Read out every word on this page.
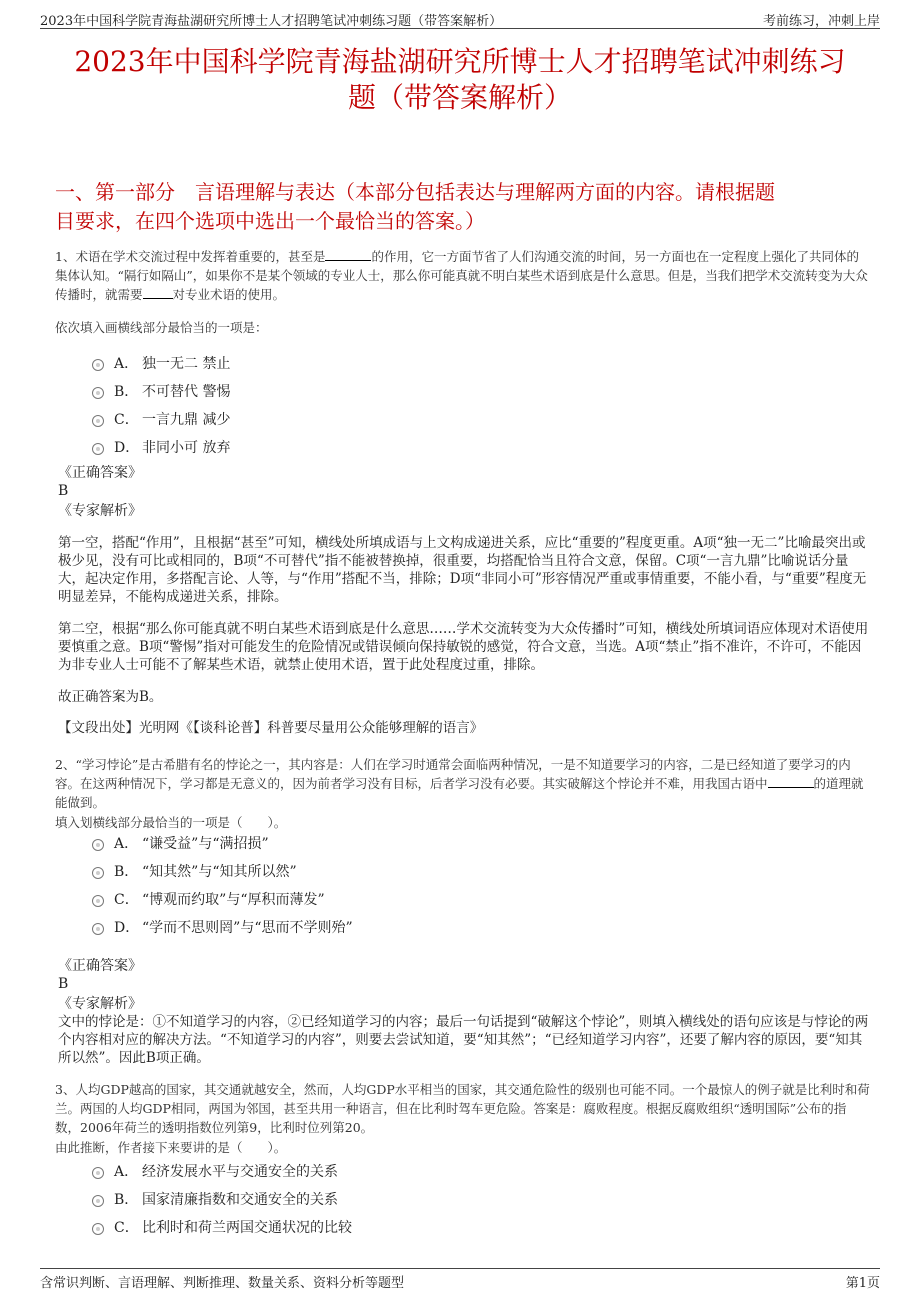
2023年中国科学院青海盐湖研究所博士人才招聘笔试冲刺练习题（带答案解析）	考前练习，冲刺上岸
2023年中国科学院青海盐湖研究所博士人才招聘笔试冲刺练习
题（带答案解析）
一、第一部分　言语理解与表达（本部分包括表达与理解两方面的内容。请根据题
目要求，在四个选项中选出一个最恰当的答案。）
1、术语在学术交流过程中发挥着重要的，甚至是	的作用，它一方面节省了人们沟通交流的时间，另一方面也在一定程度上强化了共同体的集体认知。“隔行如隔山”，如果你不是某个领域的专业人士，那么你可能真就不明白某些术语到底是什么意思。但是，当我们把学术交流转变为大众传播时，就需要 对专业术语的使用。
依次填入画横线部分最恰当的一项是：
A． 独一无二 禁止
B． 不可替代 警惕
C． 一言九鼎 减少
D． 非同小可 放弃
《正确答案》
B
《专家解析》
第一空，搭配“作用”，且根据“甚至”可知，横线处所填成语与上文构成递进关系，应比“重要的”程度更重。A项“独一无二”比喻最突出或极少见，没有可比或相同的，B项“不可替代”指不能被替换掉，很重要，均搭配恰当且符合文意，保留。C项“一言九鼎”比喻说话分量大，起决定作用，多搭配言论、人等，与“作用”搭配不当，排除；D项“非同小可”形容情况严重或事情重要，不能小看，与“重要”程度无明显差异，不能构成递进关系，排除。
第二空，根据“那么你可能真就不明白某些术语到底是什么意思……学术交流转变为大众传播时”可知，横线处所填词语应体现对术语使用要慎重之意。B项“警惕”指对可能发生的危险情况或错误倾向保持敏锐的感觉，符合文意，当选。A项“禁止”指不准许，不许可，不能因为非专业人士可能不了解某些术语，就禁止使用术语，置于此处程度过重，排除。
故正确答案为B。
【文段出处】光明网《【谈科论普】科普要尽量用公众能够理解的语言》
2、“学习悖论”是古希腊有名的悖论之一，其内容是：人们在学习时通常会面临两种情况，一是不知道要学习的内容，二是已经知道了要学习的内容。在这两种情况下，学习都是无意义的，因为前者学习没有目标，后者学习没有必要。其实破解这个悖论并不难，用我国古语中	的道理就能做到。
填入划横线部分最恰当的一项是（　　）。
A． “谦受益”与“满招损”
B． “知其然”与“知其所以然”
C． “博观而约取”与“厚积而薄发”
D． “学而不思则罔”与“思而不学则殆”
《正确答案》
B
《专家解析》
文中的悖论是：①不知道学习的内容，②已经知道学习的内容；最后一句话提到“破解这个悖论”，则填入横线处的语句应该是与悖论的两个内容相对应的解决方法。“不知道学习的内容”，则要去尝试知道，要“知其然”；“已经知道学习内容”，还要了解内容的原因，要“知其所以然”。因此B项正确。
3、人均GDP越高的国家，其交通就越安全，然而，人均GDP水平相当的国家，其交通危险性的级别也可能不同。一个最惊人的例子就是比利时和荷兰。两国的人均GDP相同，两国为邻国，甚至共用一种语言，但在比利时驾车更危险。答案是：腐败程度。根据反腐败组织“透明国际”公布的指数，2006年荷兰的透明指数位列第9，比利时位列第20。
由此推断，作者接下来要讲的是（　　）。
A． 经济发展水平与交通安全的关系
B． 国家清廉指数和交通安全的关系
C． 比利时和荷兰两国交通状况的比较
含常识判断、言语理解、判断推理、数量关系、资料分析等题型	第1页
